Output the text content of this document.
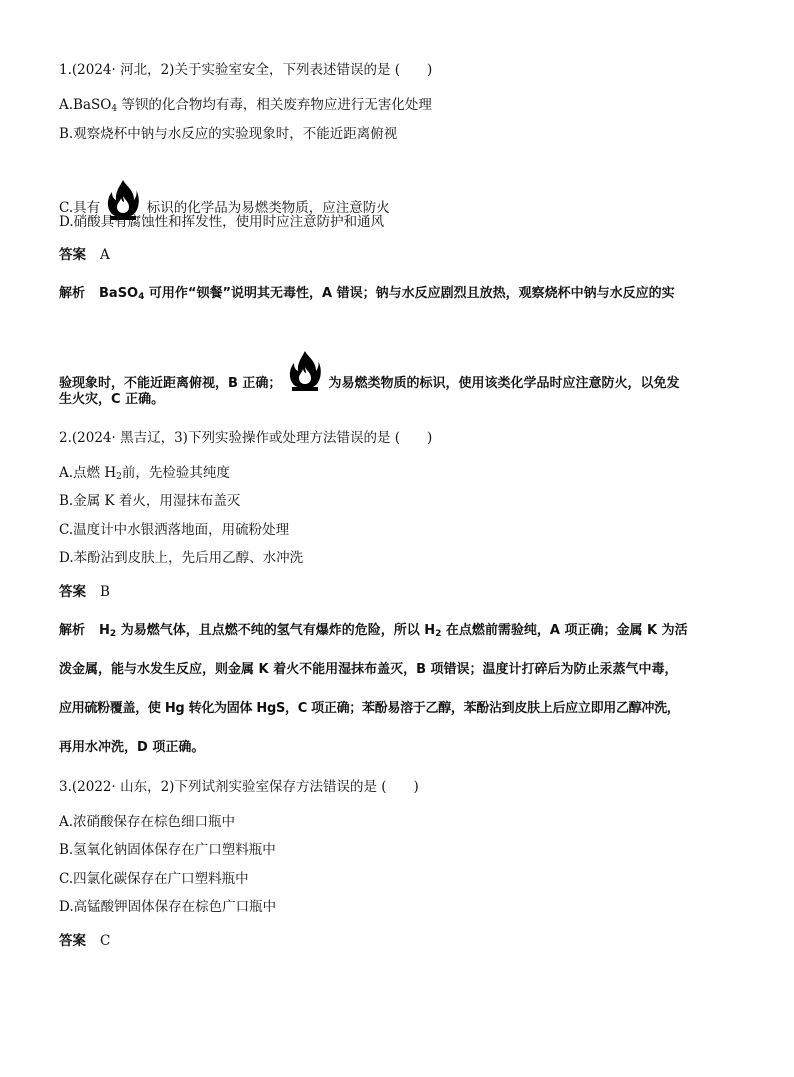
1.(2024· 河北，2)关于实验室安全，下列表述错误的是 (　　)
A.BaSO$_4$ 等钡的化合物均有毒，相关废弃物应进行无害化处理
B.观察烧杯中钠与水反应的实验现象时，不能近距离俯视
C.具有	标识的化学品为易燃类物质，应注意防火
D.硝酸具有腐蚀性和挥发性，使用时应注意防护和通风
答案 A
解析 BaSO$_4$ 可用作“钡餐”说明其无毒性，A 错误；钠与水反应剧烈且放热，观察烧杯中钠与水反应的实
验现象时，不能近距离俯视，B 正确；	为易燃类物质的标识，使用该类化学品时应注意防火，以免发
生火灾，C 正确。
2.(2024· 黑吉辽，3)下列实验操作或处理方法错误的是 (　　)
A.点燃 $H_2$前，先检验其纯度
B.金属 K 着火，用湿抹布盖灭
C.温度计中水银洒落地面，用硫粉处理
D.苯酚沾到皮肤上，先后用乙醇、水冲洗
答案 B
解析 $H_2$ 为易燃气体，且点燃不纯的氢气有爆炸的危险，所以 $H_2$ 在点燃前需验纯，A 项正确；金属 K 为活
泼金属，能与水发生反应，则金属 K 着火不能用湿抹布盖灭，B 项错误；温度计打碎后为防止汞蒸气中毒，
应用硫粉覆盖，使 Hg 转化为固体 HgS，C 项正确；苯酚易溶于乙醇，苯酚沾到皮肤上后应立即用乙醇冲洗，
再用水冲洗，D 项正确。
3.(2022· 山东，2)下列试剂实验室保存方法错误的是 (　　)
A.浓硝酸保存在棕色细口瓶中
B.氢氧化钠固体保存在广口塑料瓶中
C.四氯化碳保存在广口塑料瓶中
D.高锰酸钾固体保存在棕色广口瓶中
答案 C
